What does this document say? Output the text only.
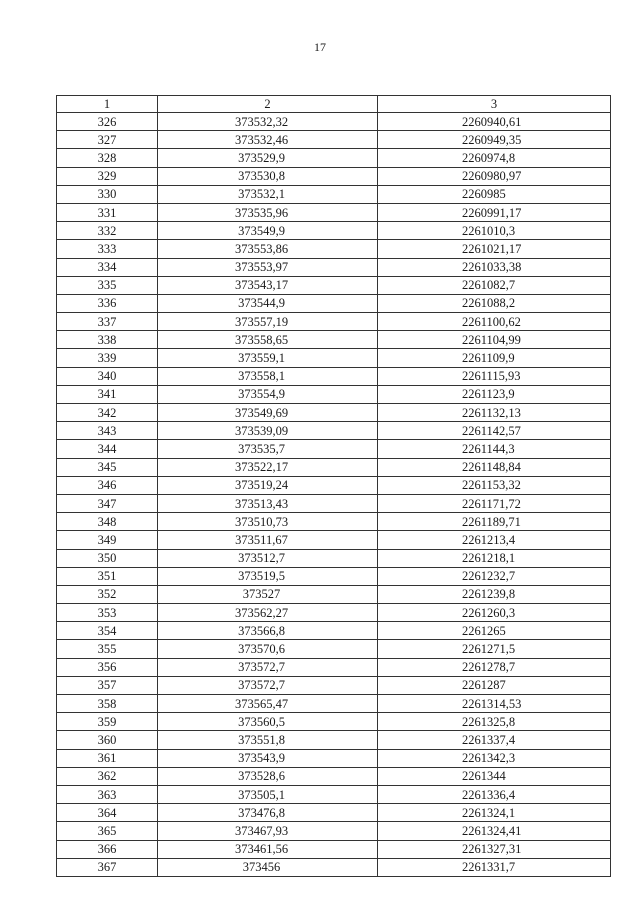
17
1	2	3
326	373532,32	2260940,61
327	373532,46	2260949,35
328	373529,9	2260974,8
329	373530,8	2260980,97
330	373532,1	2260985
331	373535,96	2260991,17
332	373549,9	2261010,3
333	373553,86	2261021,17
334	373553,97	2261033,38
335	373543,17	2261082,7
336	373544,9	2261088,2
337	373557,19	2261100,62
338	373558,65	2261104,99
339	373559,1	2261109,9
340	373558,1	2261115,93
341	373554,9	2261123,9
342	373549,69	2261132,13
343	373539,09	2261142,57
344	373535,7	2261144,3
345	373522,17	2261148,84
346	373519,24	2261153,32
347	373513,43	2261171,72
348	373510,73	2261189,71
349	373511,67	2261213,4
350	373512,7	2261218,1
351	373519,5	2261232,7
352	373527	2261239,8
353	373562,27	2261260,3
354	373566,8	2261265
355	373570,6	2261271,5
356	373572,7	2261278,7
357	373572,7	2261287
358	373565,47	2261314,53
359	373560,5	2261325,8
360	373551,8	2261337,4
361	373543,9	2261342,3
362	373528,6	2261344
363	373505,1	2261336,4
364	373476,8	2261324,1
365	373467,93	2261324,41
366	373461,56	2261327,31
367	373456	2261331,7
